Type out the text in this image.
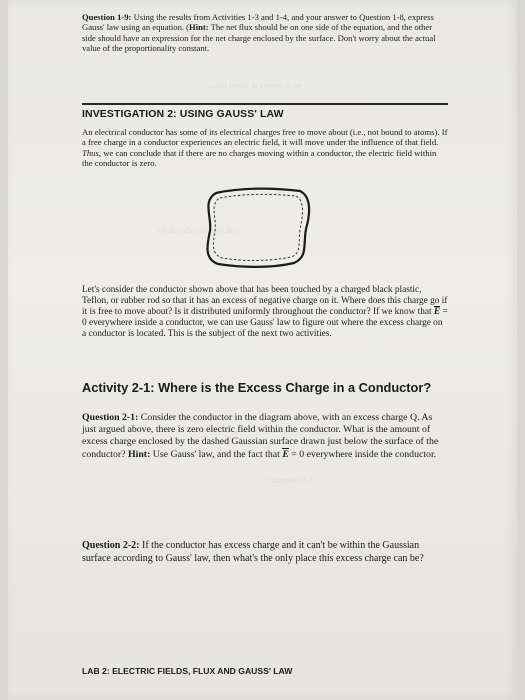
ed to mmots ot bruod toa ...
eidt to ebiz redto edt no
S-S noitsauD
Question 1-9: Using the results from Activities 1-3 and 1-4, and your answer to Question 1-8, express Gauss' law using an equation. (Hint: The net flux should be on one side of the equation, and the other side should have an expression for the net charge enclosed by the surface. Don't worry about the actual value of the proportionality constant.
INVESTIGATION 2: USING GAUSS' LAW
An electrical conductor has some of its electrical charges free to move about (i.e., not bound to atoms). If a free charge in a conductor experiences an electric field, it will move under the influence of that field. Thus, we can conclude that if there are no charges moving within a conductor, the electric field within the conductor is zero.
Let's consider the conductor shown above that has been touched by a charged black plastic, Teflon, or rubber rod so that it has an excess of negative charge on it. Where does this charge go if it is free to move about? Is it distributed uniformly throughout the conductor? If we know that E = 0 everywhere inside a conductor, we can use Gauss' law to figure out where the excess charge on a conductor is located. This is the subject of the next two activities.
Activity 2-1: Where is the Excess Charge in a Conductor?
Question 2-1: Consider the conductor in the diagram above, with an excess charge Q. As just argued above, there is zero electric field within the conductor. What is the amount of excess charge enclosed by the dashed Gaussian surface drawn just below the surface of the conductor? Hint: Use Gauss' law, and the fact that E = 0 everywhere inside the conductor.
Question 2-2: If the conductor has excess charge and it can't be within the Gaussian surface according to Gauss' law, then what's the only place this excess charge can be?
LAB 2: ELECTRIC FIELDS, FLUX AND GAUSS' LAW
